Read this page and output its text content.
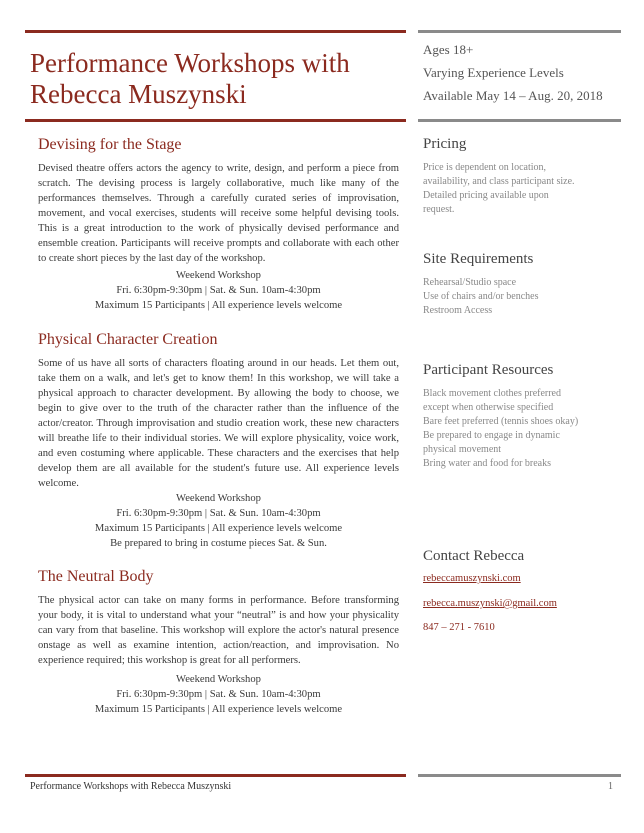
Performance Workshops with
Rebecca Muszynski
Ages 18+
Varying Experience Levels
Available May 14 – Aug. 20, 2018
Devising for the Stage
Devised theatre offers actors the agency to write, design, and perform a piece from scratch. The devising process is largely collaborative, much like many of the performances themselves. Through a carefully curated series of improvisation, movement, and vocal exercises, students will receive some helpful devising tools. This is a great introduction to the work of physically devised performance and ensemble creation. Participants will receive prompts and collaborate with each other to create short pieces by the last day of the workshop.
Weekend Workshop
Fri. 6:30pm-9:30pm | Sat. & Sun. 10am-4:30pm
Maximum 15 Participants | All experience levels welcome
Physical Character Creation
Some of us have all sorts of characters floating around in our heads. Let them out, take them on a walk, and let's get to know them! In this workshop, we will take a physical approach to character development. By allowing the body to choose, we begin to give over to the truth of the character rather than the influence of the actor/creator. Through improvisation and studio creation work, these new characters will breathe life to their individual stories. We will explore physicality, voice work, and even costuming where applicable. These characters and the exercises that help develop them are all available for the student's future use. All experience levels welcome.
Weekend Workshop
Fri. 6:30pm-9:30pm | Sat. & Sun. 10am-4:30pm
Maximum 15 Participants | All experience levels welcome
Be prepared to bring in costume pieces Sat. & Sun.
The Neutral Body
The physical actor can take on many forms in performance. Before transforming your body, it is vital to understand what your “neutral” is and how your physicality can vary from that baseline. This workshop will explore the actor's natural presence onstage as well as examine intention, action/reaction, and improvisation. No experience required; this workshop is great for all performers.
Weekend Workshop
Fri. 6:30pm-9:30pm | Sat. & Sun. 10am-4:30pm
Maximum 15 Participants | All experience levels welcome
Pricing
Price is dependent on location,
availability, and class participant size.
Detailed pricing available upon
request.
Site Requirements
Rehearsal/Studio space
Use of chairs and/or benches
Restroom Access
Participant Resources
Black movement clothes preferred
except when otherwise specified
Bare feet preferred (tennis shoes okay)
Be prepared to engage in dynamic
physical movement
Bring water and food for breaks
Contact Rebecca
rebeccamuszynski.com
rebecca.muszynski@gmail.com
847 – 271 - 7610
Performance Workshops with Rebecca Muszynski	1
